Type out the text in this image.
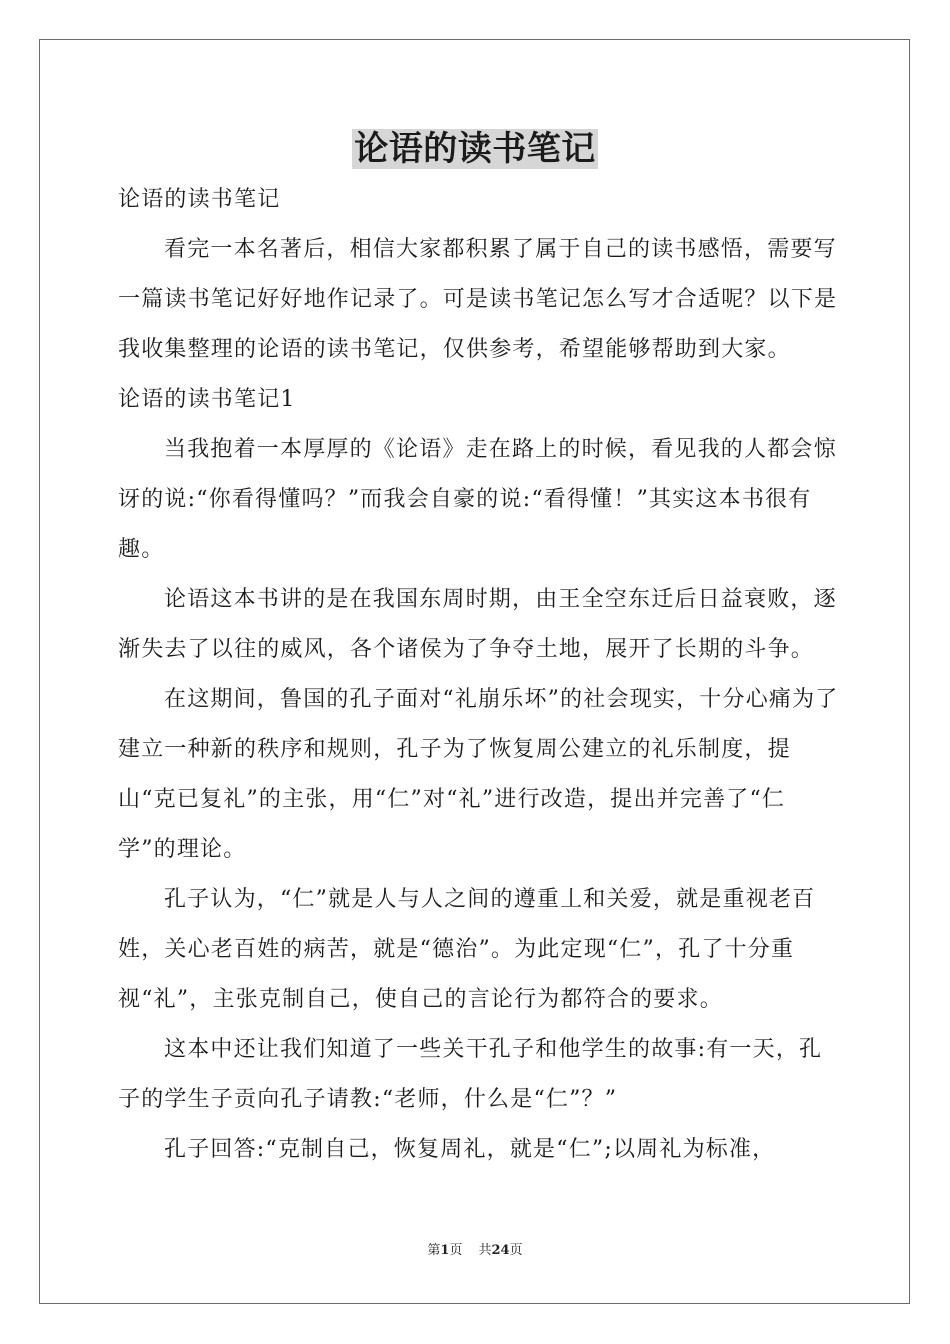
论语的读书笔记

论语的读书笔记

看完一本名著后，相信大家都积累了属于自己的读书感悟，需要写一篇读书笔记好好地作记录了。可是读书笔记怎么写才合适呢？以下是我收集整理的论语的读书笔记，仅供参考，希望能够帮助到大家。

论语的读书笔记1

当我抱着一本厚厚的《论语》走在路上的时候，看见我的人都会惊讶的说:“你看得懂吗？”而我会自豪的说:“看得懂！”其实这本书很有趣。

论语这本书讲的是在我国东周时期，由王全空东迁后日益衰败，逐渐失去了以往的威风，各个诸侯为了争夺土地，展开了长期的斗争。

在这期间，鲁国的孔子面对“礼崩乐坏”的社会现实，十分心痛为了建立一种新的秩序和规则，孔子为了恢复周公建立的礼乐制度，提山“克已复礼”的主张，用“仁”对“礼”进行改造，提出并完善了“仁学”的理论。

孔子认为，“仁”就是人与人之间的遵重丄和关爱，就是重视老百姓，关心老百姓的病苦，就是“德治”。为此定现“仁”，孔了十分重视“礼”，主张克制自己，使自己的言论行为都符合的要求。

这本中还让我们知道了一些关干孔子和他学生的故事:有一天，孔子的学生子贡向孔子请教:“老师，什么是“仁”？”

孔子回答:“克制自己，恢复周礼，就是“仁”;以周礼为标准，

第1页 共24页
